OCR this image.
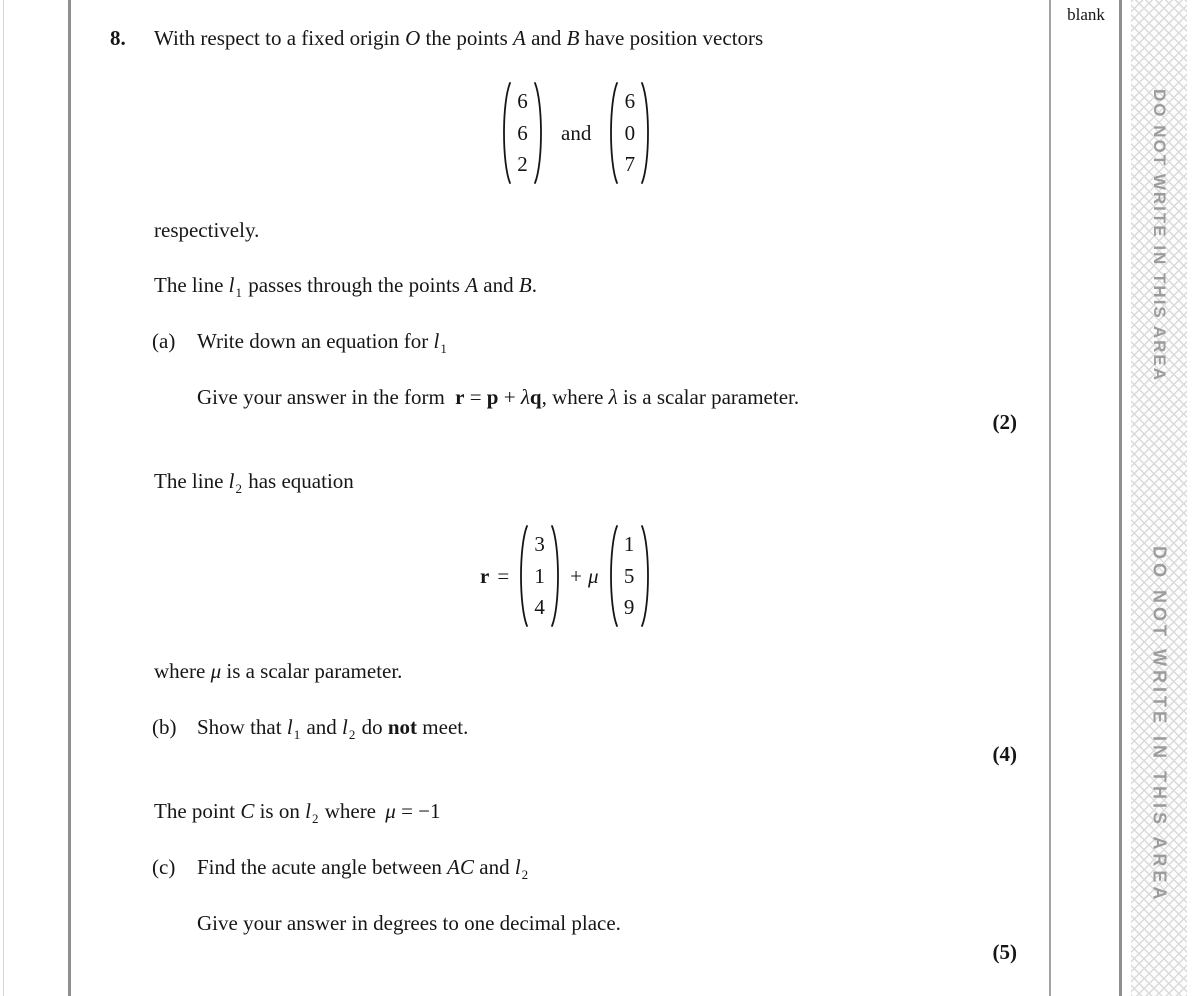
DO NOT WRITE IN THIS AREA
DO NOT WRITE IN THIS AREA
blank
8. With respect to a fixed origin O the points A and B have position vectors
6
6
2
and
6
0
7
respectively.
The line $l_1$ passes through the points A and B.
(a) Write down an equation for $l_1$
Give your answer in the form r = p + λq, where λ is a scalar parameter.
(2)
The line $l_2$ has equation
r =
3
1
4
+ μ
1
5
9
where μ is a scalar parameter.
(b) Show that $l_1$ and $l_2$ do not meet.
(4)
The point C is on $l_2$ where μ = −1
(c) Find the acute angle between AC and $l_2$
Give your answer in degrees to one decimal place.
(5)
